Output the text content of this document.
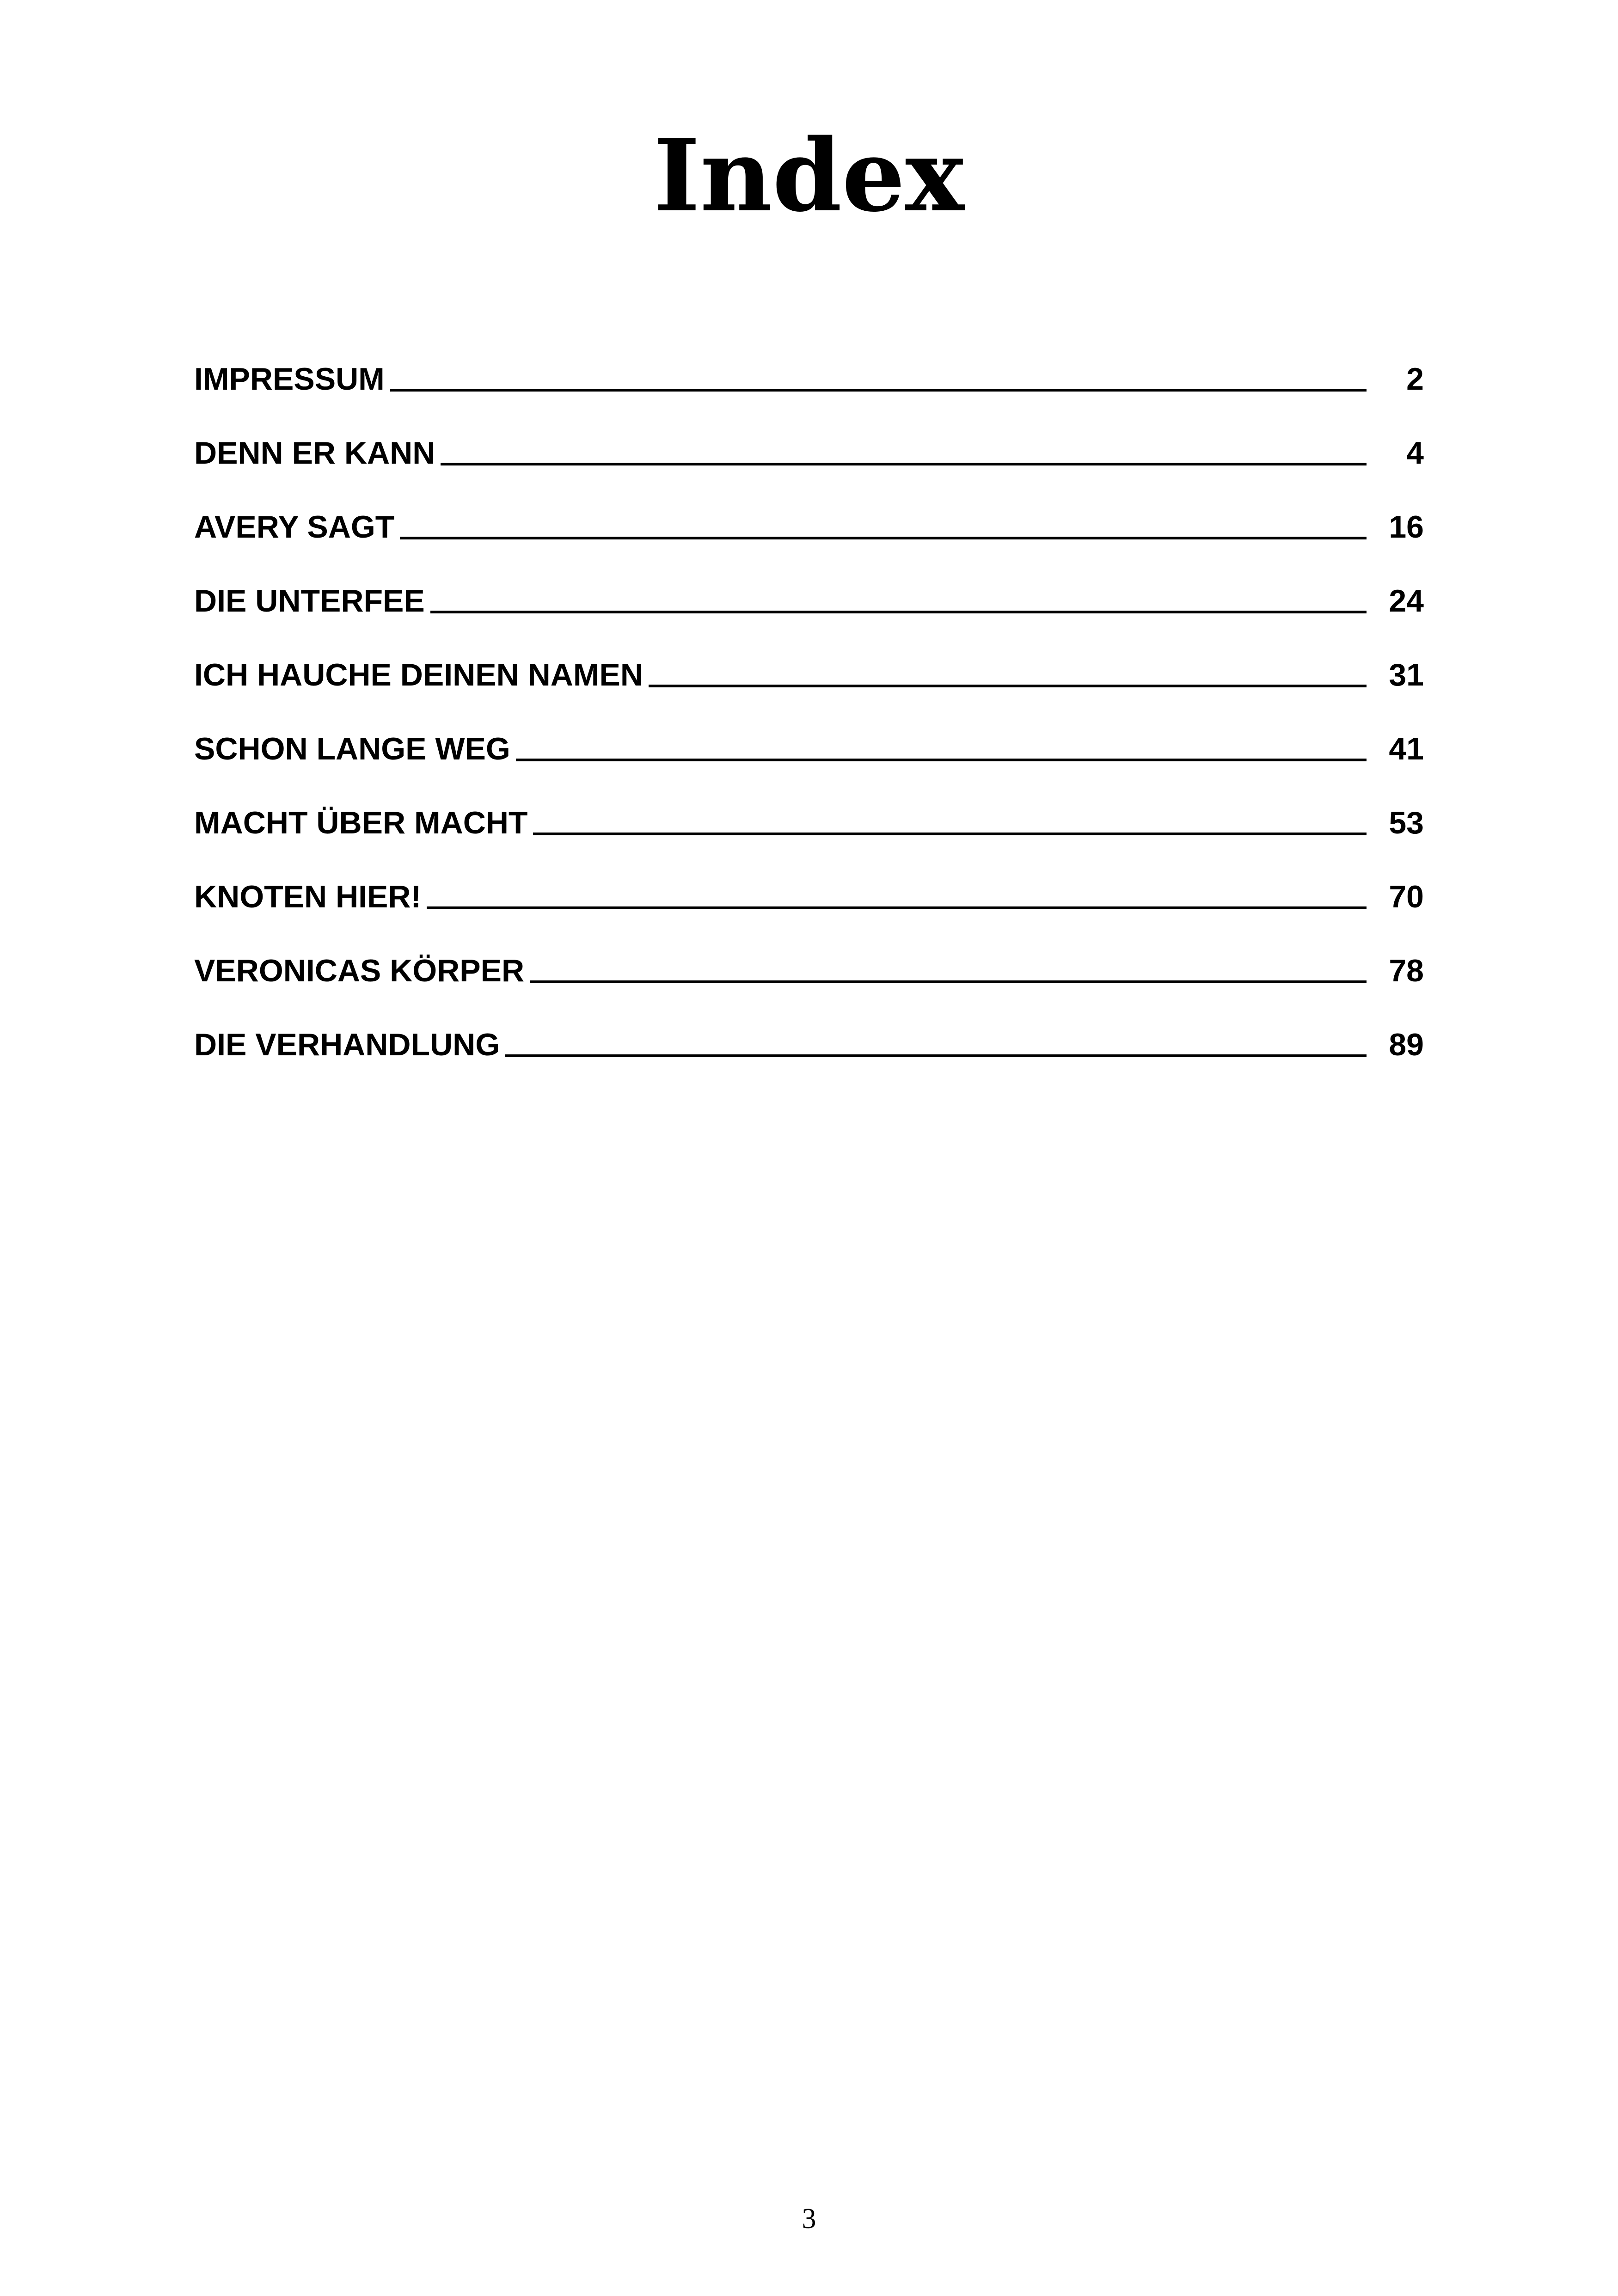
Index
IMPRESSUM	2
DENN ER KANN	4
AVERY SAGT	16
DIE UNTERFEE	24
ICH HAUCHE DEINEN NAMEN	31
SCHON LANGE WEG	41
MACHT ÜBER MACHT	53
KNOTEN HIER!	70
VERONICAS KÖRPER	78
DIE VERHANDLUNG	89
3
